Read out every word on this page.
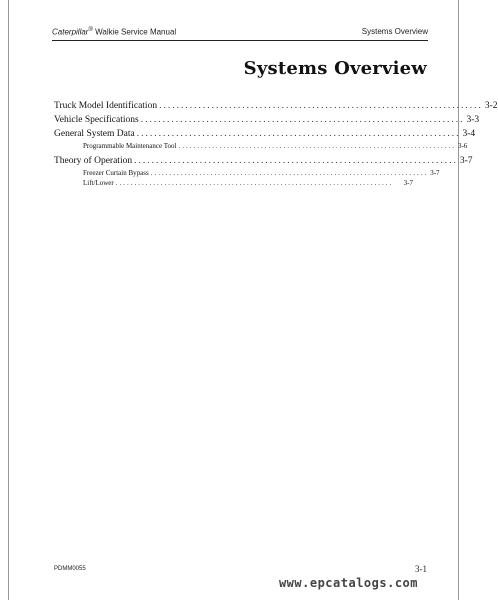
Caterpillar® Walkie Service Manual	Systems Overview
Systems Overview
Truck Model Identification .......................................................................... 3-2
Vehicle Specifications .......................................................................... 3-3
General System Data .......................................................................... 3-4
Programmable Maintenance Tool .......................................................................... 3-6
Theory of Operation .......................................................................... 3-7
Freezer Curtain Bypass .......................................................................... 3-7
Lift/Lower ..........................................................................	3-7
PDMM0055	3-1
www.epcatalogs.com
